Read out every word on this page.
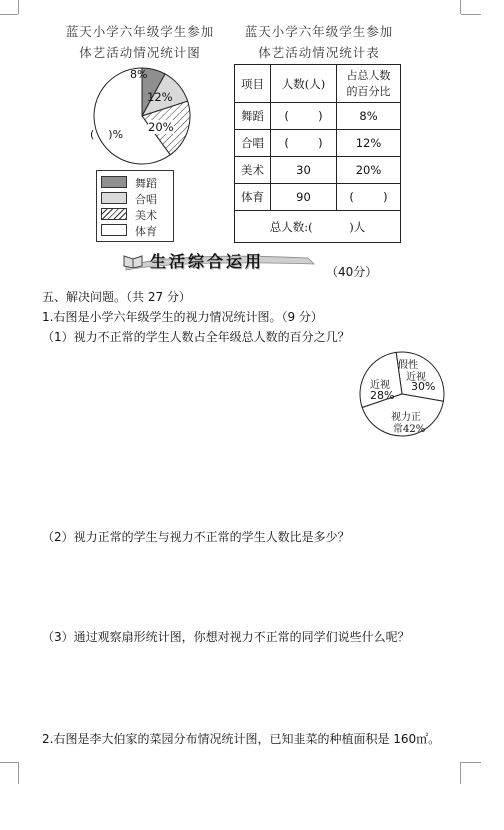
蓝天小学六年级学生参加
体艺活动情况统计图
8%
12%
20%
(    )%
舞蹈
合唱
美术
体育
蓝天小学六年级学生参加
体艺活动情况统计表
项目	人数(人)	占总人数的百分比
舞蹈	(        )	8%
合唱	(        )	12%
美术	30	20%
体育	90	(        )
总人数:(          )人		
生活综合运用
（40分）
五、解决问题。（共 27 分）
1.右图是小学六年级学生的视力情况统计图。（9 分）
（1）视力不正常的学生人数占全年级总人数的百分之几？
假性
近视
30%
近视
28%
视力正
常42%
（2）视力正常的学生与视力不正常的学生人数比是多少？
（3）通过观察扇形统计图，你想对视力不正常的同学们说些什么呢？
2.右图是李大伯家的菜园分布情况统计图，已知韭菜的种植面积是 160㎡。
